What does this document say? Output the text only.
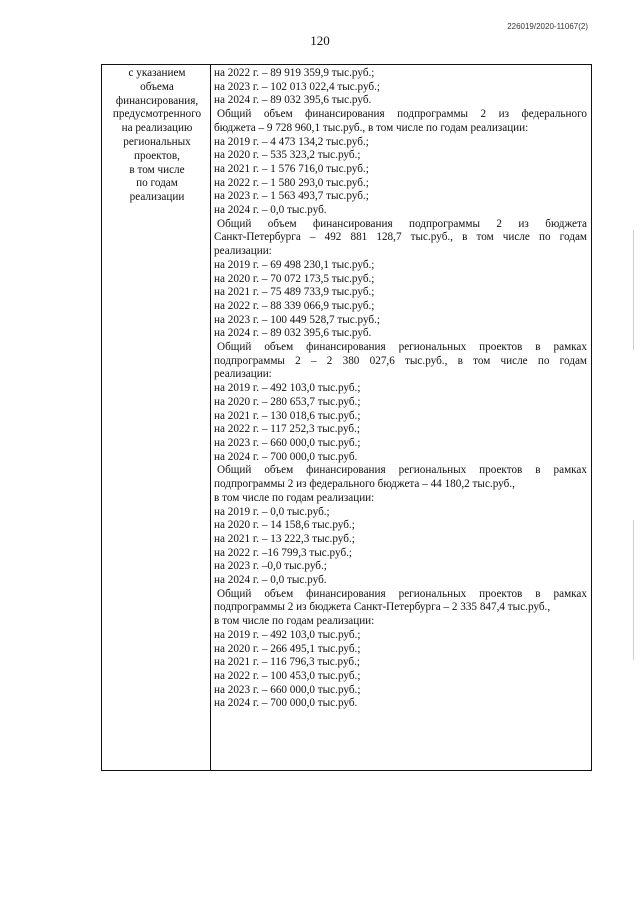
226019/2020-11067(2)
120
с указанием
объема
финансирования,
предусмотренного
на реализацию
региональных
проектов,
в том числе
по годам
реализации
на 2022 г. – 89 919 359,9 тыс.руб.;
на 2023 г. – 102 013 022,4 тыс.руб.;
на 2024 г. – 89 032 395,6 тыс.руб.
Общий объем финансирования подпрограммы 2 из федерального
бюджета – 9 728 960,1 тыс.руб., в том числе по годам реализации:
на 2019 г. – 4 473 134,2 тыс.руб.;
на 2020 г. – 535 323,2 тыс.руб.;
на 2021 г. – 1 576 716,0 тыс.руб.;
на 2022 г. – 1 580 293,0 тыс.руб.;
на 2023 г. – 1 563 493,7 тыс.руб.;
на 2024 г. – 0,0 тыс.руб.
Общий объем финансирования подпрограммы 2 из бюджета
Санкт-Петербурга – 492 881 128,7 тыс.руб., в том числе по годам
реализации:
на 2019 г. – 69 498 230,1 тыс.руб.;
на 2020 г. – 70 072 173,5 тыс.руб.;
на 2021 г. – 75 489 733,9 тыс.руб.;
на 2022 г. – 88 339 066,9 тыс.руб.;
на 2023 г. – 100 449 528,7 тыс.руб.;
на 2024 г. – 89 032 395,6 тыс.руб.
Общий объем финансирования региональных проектов в рамках
подпрограммы 2 – 2 380 027,6 тыс.руб., в том числе по годам
реализации:
на 2019 г. – 492 103,0 тыс.руб.;
на 2020 г. – 280 653,7 тыс.руб.;
на 2021 г. – 130 018,6 тыс.руб.;
на 2022 г. – 117 252,3 тыс.руб.;
на 2023 г. – 660 000,0 тыс.руб.;
на 2024 г. – 700 000,0 тыс.руб.
Общий объем финансирования региональных проектов в рамках
подпрограммы 2 из федерального бюджета – 44 180,2 тыс.руб.,
в том числе по годам реализации:
на 2019 г. – 0,0 тыс.руб.;
на 2020 г. – 14 158,6 тыс.руб.;
на 2021 г. – 13 222,3 тыс.руб.;
на 2022 г. –16 799,3 тыс.руб.;
на 2023 г. –0,0 тыс.руб.;
на 2024 г. – 0,0 тыс.руб.
Общий объем финансирования региональных проектов в рамках
подпрограммы 2 из бюджета Санкт-Петербурга – 2 335 847,4 тыс.руб.,
в том числе по годам реализации:
на 2019 г. – 492 103,0 тыс.руб.;
на 2020 г. – 266 495,1 тыс.руб.;
на 2021 г. – 116 796,3 тыс.руб.;
на 2022 г. – 100 453,0 тыс.руб.;
на 2023 г. – 660 000,0 тыс.руб.;
на 2024 г. – 700 000,0 тыс.руб.
